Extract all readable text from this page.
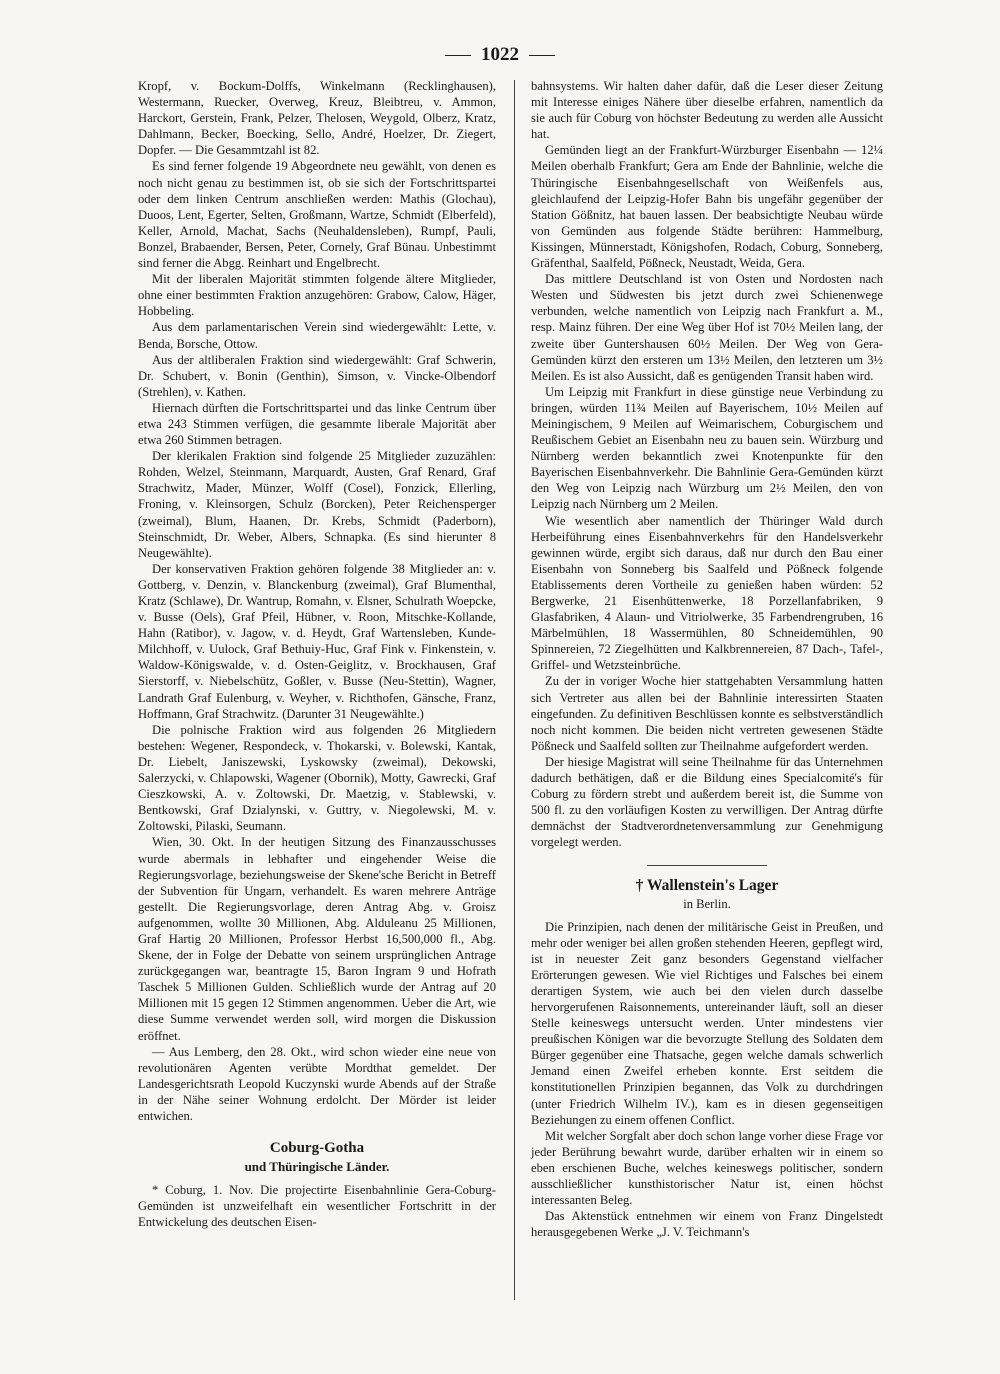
1022

Kropf, v. Bockum-Dolffs, Winkelmann (Recklinghausen), Westermann, Ruecker, Overweg, Kreuz, Bleibtreu, v. Ammon, Harckort, Gerstein, Frank, Pelzer, Thelosen, Weygold, Olberz, Kratz, Dahlmann, Becker, Boecking, Sello, André, Hoelzer, Dr. Ziegert, Dopfer. — Die Gesammtzahl ist 82.

Es sind ferner folgende 19 Abgeordnete neu gewählt, von denen es noch nicht genau zu bestimmen ist, ob sie sich der Fortschrittspartei oder dem linken Centrum anschließen werden: Mathis (Glochau), Duoos, Lent, Egerter, Selten, Großmann, Wartze, Schmidt (Elberfeld), Keller, Arnold, Machat, Sachs (Neuhaldensleben), Rumpf, Pauli, Bonzel, Brabaender, Bersen, Peter, Cornely, Graf Bünau. Unbestimmt sind ferner die Abgg. Reinhart und Engelbrecht.

Mit der liberalen Majorität stimmten folgende ältere Mitglieder, ohne einer bestimmten Fraktion anzugehören: Grabow, Calow, Häger, Hobbeling.

Aus dem parlamentarischen Verein sind wiedergewählt: Lette, v. Benda, Borsche, Ottow.

Aus der altliberalen Fraktion sind wiedergewählt: Graf Schwerin, Dr. Schubert, v. Bonin (Genthin), Simson, v. Vincke-Olbendorf (Strehlen), v. Kathen.

Hiernach dürften die Fortschrittspartei und das linke Centrum über etwa 243 Stimmen verfügen, die gesammte liberale Majorität aber etwa 260 Stimmen betragen.

Der klerikalen Fraktion sind folgende 25 Mitglieder zuzuzählen: Rohden, Welzel, Steinmann, Marquardt, Austen, Graf Renard, Graf Strachwitz, Mader, Münzer, Wolff (Cosel), Fonzick, Ellerling, Froning, v. Kleinsorgen, Schulz (Borcken), Peter Reichensperger (zweimal), Blum, Haanen, Dr. Krebs, Schmidt (Paderborn), Steinschmidt, Dr. Weber, Albers, Schnapka. (Es sind hierunter 8 Neugewählte).

Der konservativen Fraktion gehören folgende 38 Mitglieder an: v. Gottberg, v. Denzin, v. Blanckenburg (zweimal), Graf Blumenthal, Kratz (Schlawe), Dr. Wantrup, Romahn, v. Elsner, Schulrath Woepcke, v. Busse (Oels), Graf Pfeil, Hübner, v. Roon, Mitschke-Kollande, Hahn (Ratibor), v. Jagow, v. d. Heydt, Graf Wartensleben, Kunde-Milchhoff, v. Uulock, Graf Bethuiy-Huc, Graf Fink v. Finkenstein, v. Waldow-Königswalde, v. d. Osten-Geiglitz, v. Brockhausen, Graf Sierstorff, v. Niebelschütz, Goßler, v. Busse (Neu-Stettin), Wagner, Landrath Graf Eulenburg, v. Weyher, v. Richthofen, Gänsche, Franz, Hoffmann, Graf Strachwitz. (Darunter 31 Neugewählte.)

Die polnische Fraktion wird aus folgenden 26 Mitgliedern bestehen: Wegener, Respondeck, v. Thokarski, v. Bolewski, Kantak, Dr. Liebelt, Janiszewski, Lyskowsky (zweimal), Dekowski, Salerzycki, v. Chlapowski, Wagener (Obornik), Motty, Gawrecki, Graf Cieszkowski, A. v. Zoltowski, Dr. Maetzig, v. Stablewski, v. Bentkowski, Graf Dzialynski, v. Guttry, v. Niegolewski, M. v. Zoltowski, Pilaski, Seumann.

Wien, 30. Okt. In der heutigen Sitzung des Finanzausschusses wurde abermals in lebhafter und eingehender Weise die Regierungsvorlage, beziehungsweise der Skene'sche Bericht in Betreff der Subvention für Ungarn, verhandelt. Es waren mehrere Anträge gestellt. Die Regierungsvorlage, deren Antrag Abg. v. Groisz aufgenommen, wollte 30 Millionen, Abg. Alduleanu 25 Millionen, Graf Hartig 20 Millionen, Professor Herbst 16,500,000 fl., Abg. Skene, der in Folge der Debatte von seinem ursprünglichen Antrage zurückgegangen war, beantragte 15, Baron Ingram 9 und Hofrath Taschek 5 Millionen Gulden. Schließlich wurde der Antrag auf 20 Millionen mit 15 gegen 12 Stimmen angenommen. Ueber die Art, wie diese Summe verwendet werden soll, wird morgen die Diskussion eröffnet.

— Aus Lemberg, den 28. Okt., wird schon wieder eine neue von revolutionären Agenten verübte Mordthat gemeldet. Der Landesgerichtsrath Leopold Kuczynski wurde Abends auf der Straße in der Nähe seiner Wohnung erdolcht. Der Mörder ist leider entwichen.

Coburg-Gotha
und Thüringische Länder.

* Coburg, 1. Nov. Die projectirte Eisenbahnlinie Gera-Coburg-Gemünden ist unzweifelhaft ein wesentlicher Fortschritt in der Entwickelung des deutschen Eisen-

bahnsystems. Wir halten daher dafür, daß die Leser dieser Zeitung mit Interesse einiges Nähere über dieselbe erfahren, namentlich da sie auch für Coburg von höchster Bedeutung zu werden alle Aussicht hat.

Gemünden liegt an der Frankfurt-Würzburger Eisenbahn — 12¼ Meilen oberhalb Frankfurt; Gera am Ende der Bahnlinie, welche die Thüringische Eisenbahngesellschaft von Weißenfels aus, gleichlaufend der Leipzig-Hofer Bahn bis ungefähr gegenüber der Station Gößnitz, hat bauen lassen. Der beabsichtigte Neubau würde von Gemünden aus folgende Städte berühren: Hammelburg, Kissingen, Münnerstadt, Königshofen, Rodach, Coburg, Sonneberg, Gräfenthal, Saalfeld, Pößneck, Neustadt, Weida, Gera.

Das mittlere Deutschland ist von Osten und Nordosten nach Westen und Südwesten bis jetzt durch zwei Schienenwege verbunden, welche namentlich von Leipzig nach Frankfurt a. M., resp. Mainz führen. Der eine Weg über Hof ist 70½ Meilen lang, der zweite über Guntershausen 60½ Meilen. Der Weg von Gera-Gemünden kürzt den ersteren um 13½ Meilen, den letzteren um 3½ Meilen. Es ist also Aussicht, daß es genügenden Transit haben wird.

Um Leipzig mit Frankfurt in diese günstige neue Verbindung zu bringen, würden 11¾ Meilen auf Bayerischem, 10½ Meilen auf Meiningischem, 9 Meilen auf Weimarischem, Coburgischem und Reußischem Gebiet an Eisenbahn neu zu bauen sein. Würzburg und Nürnberg werden bekanntlich zwei Knotenpunkte für den Bayerischen Eisenbahnverkehr. Die Bahnlinie Gera-Gemünden kürzt den Weg von Leipzig nach Würzburg um 2½ Meilen, den von Leipzig nach Nürnberg um 2 Meilen.

Wie wesentlich aber namentlich der Thüringer Wald durch Herbeiführung eines Eisenbahnverkehrs für den Handelsverkehr gewinnen würde, ergibt sich daraus, daß nur durch den Bau einer Eisenbahn von Sonneberg bis Saalfeld und Pößneck folgende Etablissements deren Vortheile zu genießen haben würden: 52 Bergwerke, 21 Eisenhüttenwerke, 18 Porzellanfabriken, 9 Glasfabriken, 4 Alaun- und Vitriolwerke, 35 Farbendrengruben, 16 Märbelmühlen, 18 Wassermühlen, 80 Schneidemühlen, 90 Spinnereien, 72 Ziegelhütten und Kalkbrennereien, 87 Dach-, Tafel-, Griffel- und Wetzsteinbrüche.

Zu der in voriger Woche hier stattgehabten Versammlung hatten sich Vertreter aus allen bei der Bahnlinie interessirten Staaten eingefunden. Zu definitiven Beschlüssen konnte es selbstverständlich noch nicht kommen. Die beiden nicht vertreten gewesenen Städte Pößneck und Saalfeld sollten zur Theilnahme aufgefordert werden.

Der hiesige Magistrat will seine Theilnahme für das Unternehmen dadurch bethätigen, daß er die Bildung eines Specialcomité's für Coburg zu fördern strebt und außerdem bereit ist, die Summe von 500 fl. zu den vorläufigen Kosten zu verwilligen. Der Antrag dürfte demnächst der Stadtverordnetenversammlung zur Genehmigung vorgelegt werden.

† Wallenstein's Lager
in Berlin.

Die Prinzipien, nach denen der militärische Geist in Preußen, und mehr oder weniger bei allen großen stehenden Heeren, gepflegt wird, ist in neuester Zeit ganz besonders Gegenstand vielfacher Erörterungen gewesen. Wie viel Richtiges und Falsches bei einem derartigen System, wie auch bei den vielen durch dasselbe hervorgerufenen Raisonnements, untereinander läuft, soll an dieser Stelle keineswegs untersucht werden. Unter mindestens vier preußischen Königen war die bevorzugte Stellung des Soldaten dem Bürger gegenüber eine Thatsache, gegen welche damals schwerlich Jemand einen Zweifel erheben konnte. Erst seitdem die konstitutionellen Prinzipien begannen, das Volk zu durchdringen (unter Friedrich Wilhelm IV.), kam es in diesen gegenseitigen Beziehungen zu einem offenen Conflict.

Mit welcher Sorgfalt aber doch schon lange vorher diese Frage vor jeder Berührung bewahrt wurde, darüber erhalten wir in einem so eben erschienen Buche, welches keineswegs politischer, sondern ausschließlicher kunsthistorischer Natur ist, einen höchst interessanten Beleg.

Das Aktenstück entnehmen wir einem von Franz Dingelstedt herausgegebenen Werke „J. V. Teichmann's
